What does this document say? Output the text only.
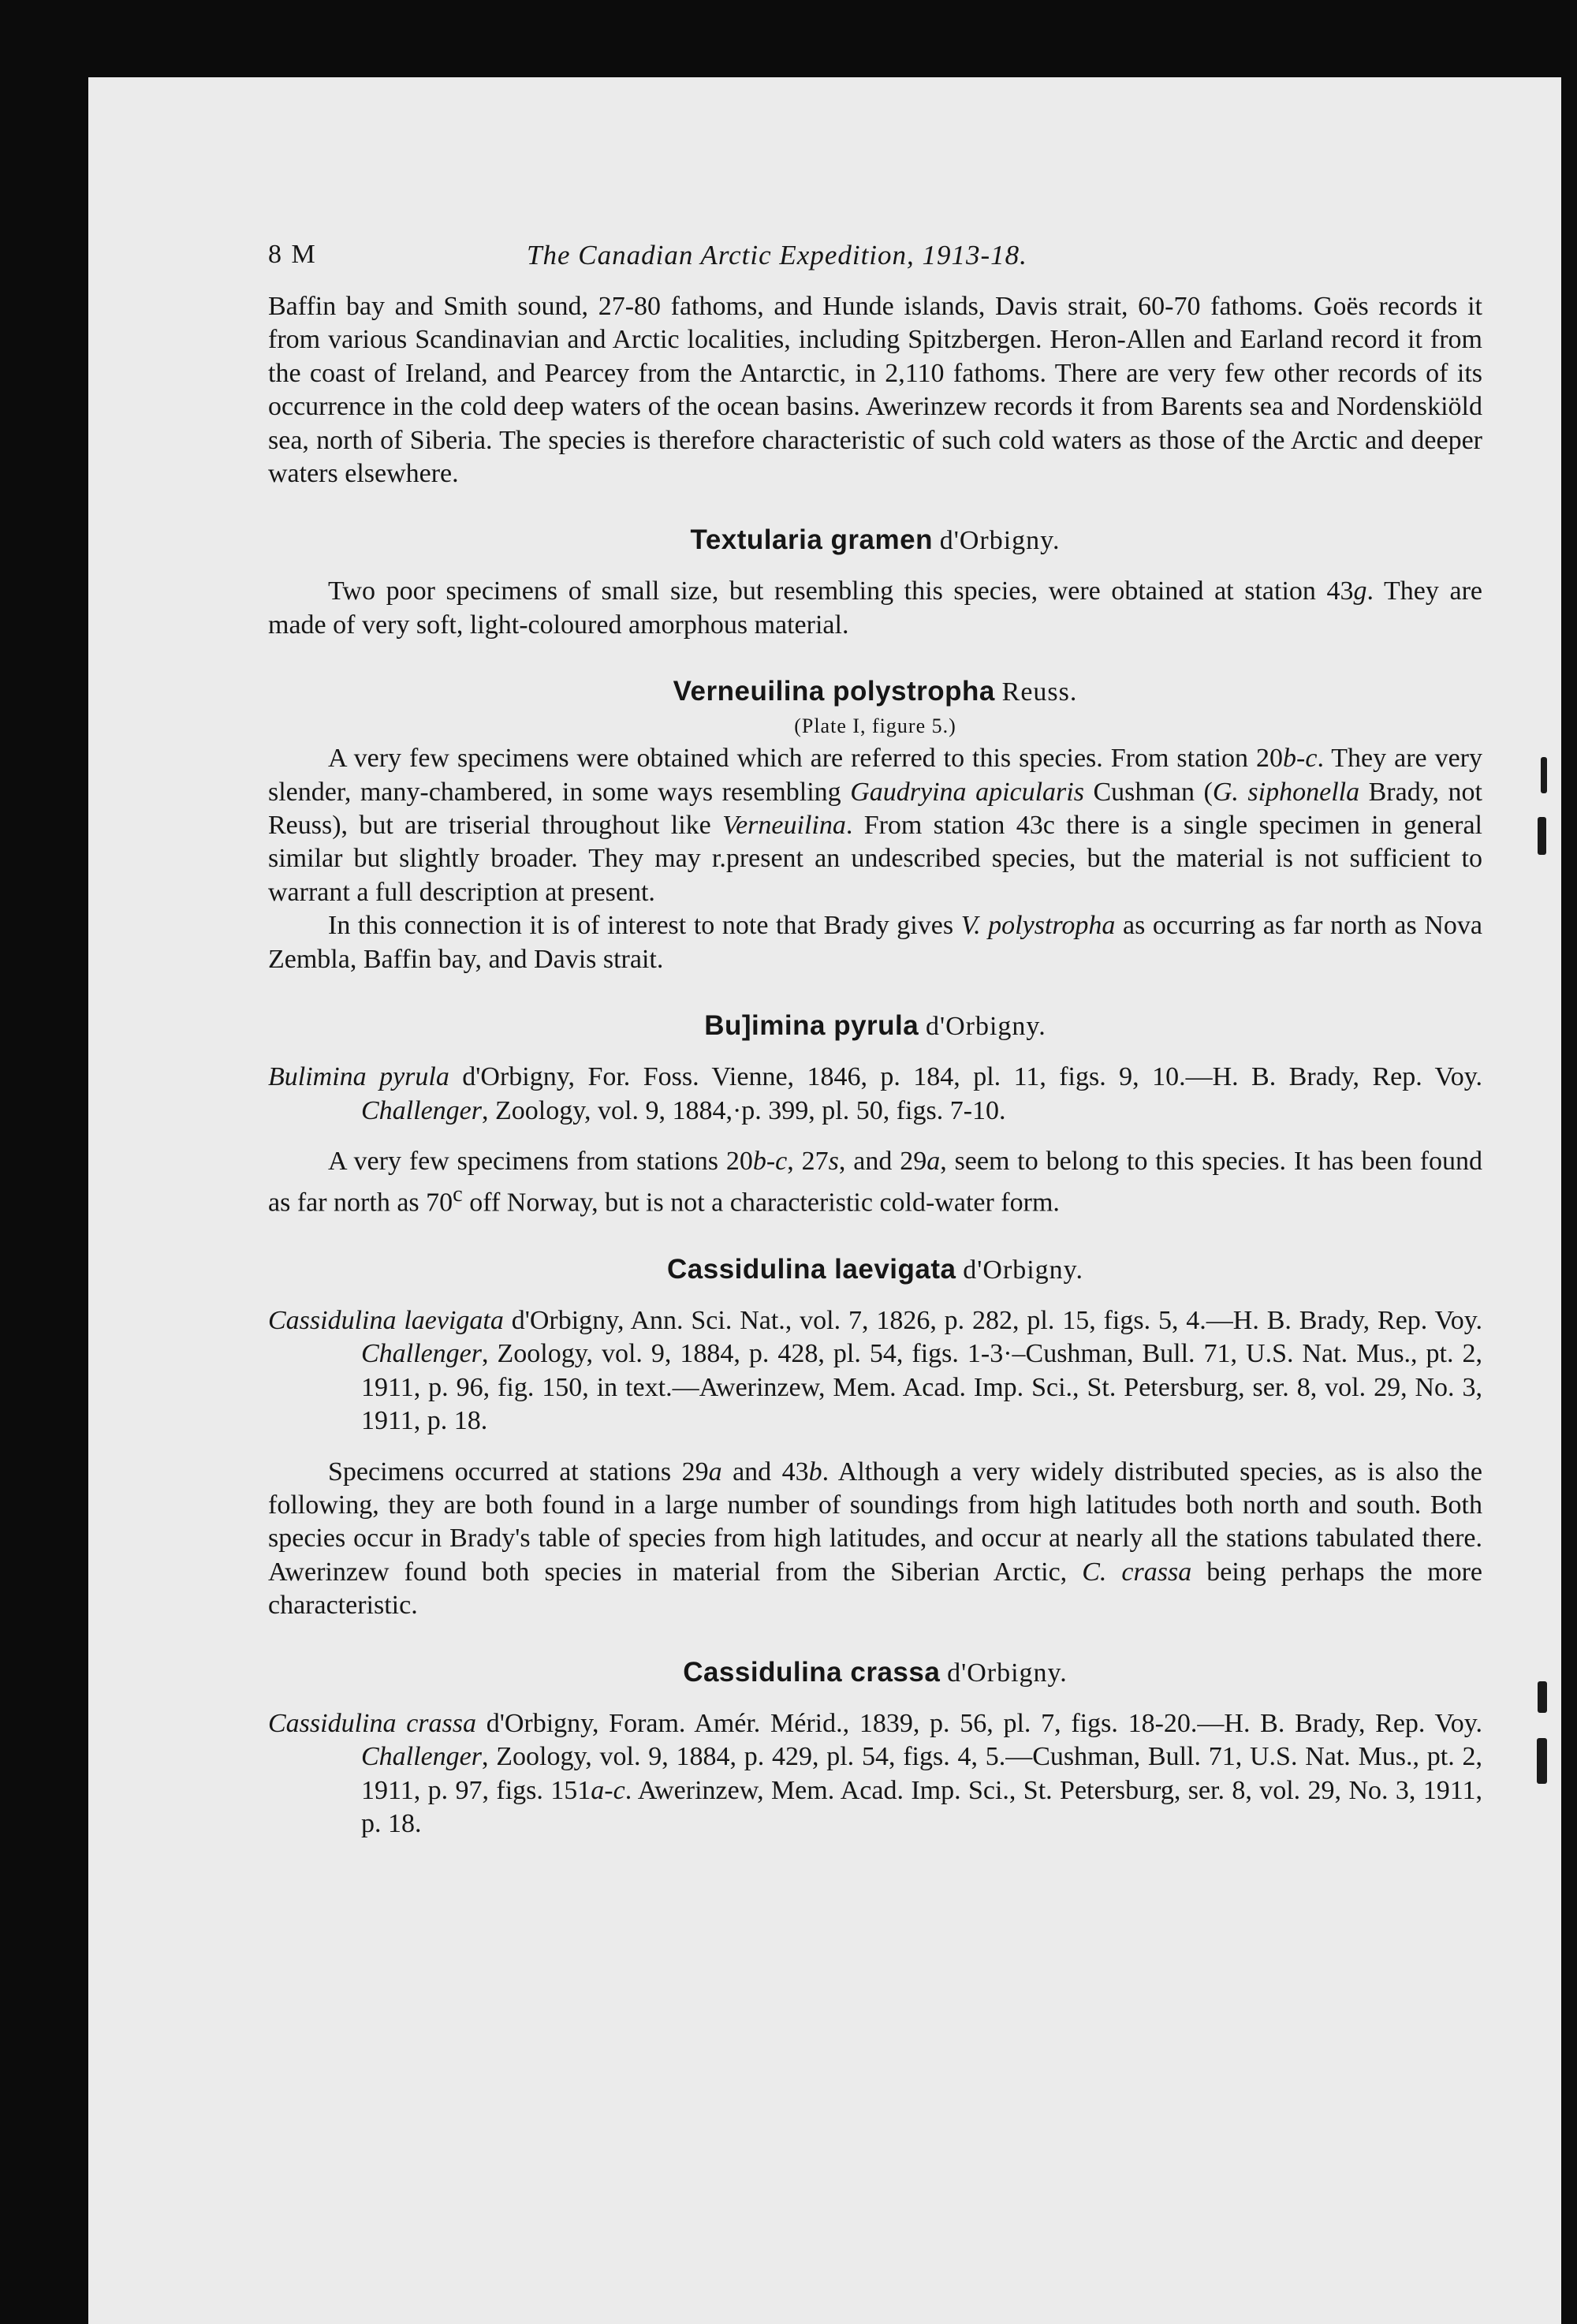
8 M	The Canadian Arctic Expedition, 1913-18.

Baffin bay and Smith sound, 27-80 fathoms, and Hunde islands, Davis strait, 60-70 fathoms. Goës records it from various Scandinavian and Arctic localities, including Spitzbergen. Heron-Allen and Earland record it from the coast of Ireland, and Pearcey from the Antarctic, in 2,110 fathoms. There are very few other records of its occurrence in the cold deep waters of the ocean basins. Awerinzew records it from Barents sea and Nordenskiöld sea, north of Siberia. The species is therefore characteristic of such cold waters as those of the Arctic and deeper waters elsewhere.

Textularia gramen d'Orbigny.

Two poor specimens of small size, but resembling this species, were obtained at station 43g. They are made of very soft, light-coloured amorphous material.

Verneuilina polystropha Reuss.
(Plate I, figure 5.)

A very few specimens were obtained which are referred to this species. From station 20b-c. They are very slender, many-chambered, in some ways resembling Gaudryina apicularis Cushman (G. siphonella Brady, not Reuss), but are triserial throughout like Verneuilina. From station 43c there is a single specimen in general similar but slightly broader. They may r.present an undescribed species, but the material is not sufficient to warrant a full description at present.

In this connection it is of interest to note that Brady gives V. polystropha as occurring as far north as Nova Zembla, Baffin bay, and Davis strait.

Bu]imina pyrula d'Orbigny.

Bulimina pyrula d'Orbigny, For. Foss. Vienne, 1846, p. 184, pl. 11, figs. 9, 10.—H. B. Brady, Rep. Voy. Challenger, Zoology, vol. 9, 1884,·p. 399, pl. 50, figs. 7-10.

A very few specimens from stations 20b-c, 27s, and 29a, seem to belong to this species. It has been found as far north as 70$^c$ off Norway, but is not a characteristic cold-water form.

Cassidulina laevigata d'Orbigny.

Cassidulina laevigata d'Orbigny, Ann. Sci. Nat., vol. 7, 1826, p. 282, pl. 15, figs. 5, 4.—H. B. Brady, Rep. Voy. Challenger, Zoology, vol. 9, 1884, p. 428, pl. 54, figs. 1-3·–Cushman, Bull. 71, U.S. Nat. Mus., pt. 2, 1911, p. 96, fig. 150, in text.—Awerinzew, Mem. Acad. Imp. Sci., St. Petersburg, ser. 8, vol. 29, No. 3, 1911, p. 18.

Specimens occurred at stations 29a and 43b. Although a very widely distributed species, as is also the following, they are both found in a large number of soundings from high latitudes both north and south. Both species occur in Brady's table of species from high latitudes, and occur at nearly all the stations tabulated there. Awerinzew found both species in material from the Siberian Arctic, C. crassa being perhaps the more characteristic.

Cassidulina crassa d'Orbigny.

Cassidulina crassa d'Orbigny, Foram. Amér. Mérid., 1839, p. 56, pl. 7, figs. 18-20.—H. B. Brady, Rep. Voy. Challenger, Zoology, vol. 9, 1884, p. 429, pl. 54, figs. 4, 5.—Cushman, Bull. 71, U.S. Nat. Mus., pt. 2, 1911, p. 97, figs. 151a-c. Awerinzew, Mem. Acad. Imp. Sci., St. Petersburg, ser. 8, vol. 29, No. 3, 1911, p. 18.
